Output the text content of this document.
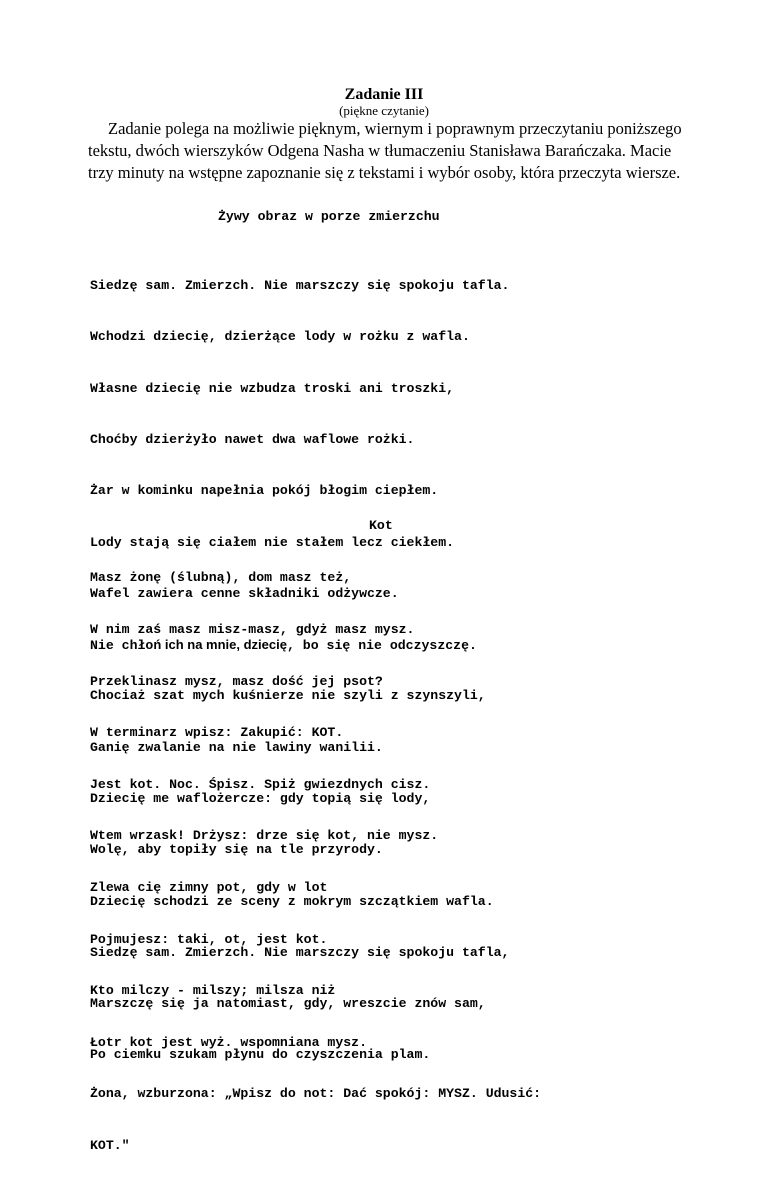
Zadanie III
(piękne czytanie)

Zadanie polega na możliwie pięknym, wiernym i poprawnym przeczytaniu poniższego tekstu, dwóch wierszyków Odgena Nasha w tłumaczeniu Stanisława Barańczaka. Macie trzy minuty na wstępne zapoznanie się z tekstami i wybór osoby, która przeczyta wiersze.

Żywy obraz w porze zmierzchu

Siedzę sam. Zmierzch. Nie marszczy się spokoju tafla.

Wchodzi dziecię, dzierżące lody w rożku z wafla.

Własne dziecię nie wzbudza troski ani troszki,

Choćby dzierżyło nawet dwa waflowe rożki.

Żar w kominku napełnia pokój błogim ciepłem.

Lody stają się ciałem nie stałem lecz ciekłem.

Wafel zawiera cenne składniki odżywcze.

Nie chłoń ich na mnie, dziecię, bo się nie odczyszczę.

Chociaż szat mych kuśnierze nie szyli z szynszyli,

Ganię zwalanie na nie lawiny wanilii.

Dziecię me waflożercze: gdy topią się lody,

Wolę, aby topiły się na tle przyrody.

Dziecię schodzi ze sceny z mokrym szczątkiem wafla.

Siedzę sam. Zmierzch. Nie marszczy się spokoju tafla,

Marszczę się ja natomiast, gdy, wreszcie znów sam,

Po ciemku szukam płynu do czyszczenia plam.

Kot

Masz żonę (ślubną), dom masz też,

W nim zaś masz misz-masz, gdyż masz mysz.

Przeklinasz mysz, masz dość jej psot?

W terminarz wpisz: Zakupić: KOT.

Jest kot. Noc. Śpisz. Spiż gwiezdnych cisz.

Wtem wrzask! Drżysz: drze się kot, nie mysz.

Zlewa cię zimny pot, gdy w lot

Pojmujesz: taki, ot, jest kot.

Kto milczy - milszy; milsza niż

Łotr kot jest wyż. wspomniana mysz.

Żona, wzburzona: „Wpisz do not: Dać spokój: MYSZ. Udusić:

KOT."
